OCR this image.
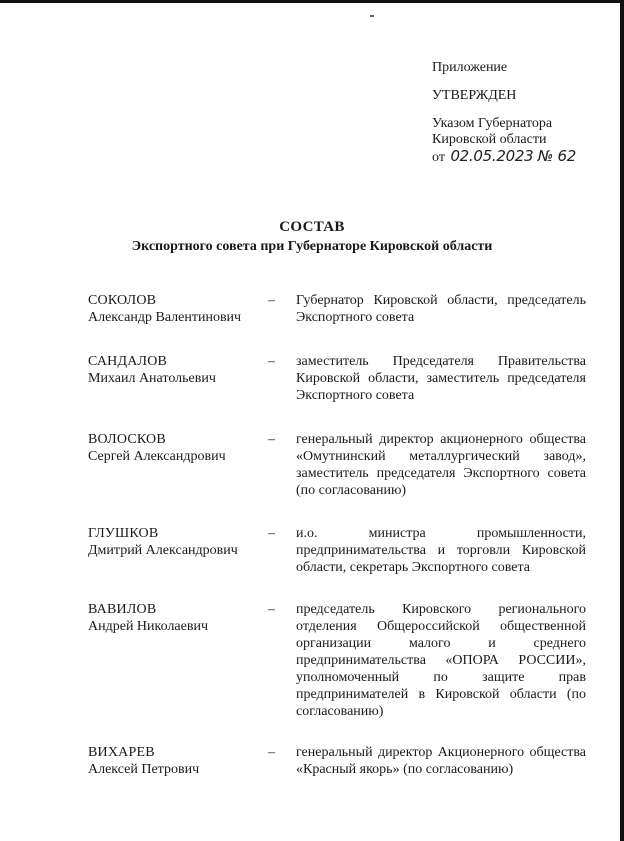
Приложение
УТВЕРЖДЕН
Указом Губернатора
Кировской области
от 02.05.2023 № 62
СОСТАВ
Экспортного совета при Губернаторе Кировской области
СОКОЛОВ
Александр Валентинович
– Губернатор Кировской области, председатель Экспортного совета
САНДАЛОВ
Михаил Анатольевич
– заместитель Председателя Правительства Кировской области, заместитель председателя Экспортного совета
ВОЛОСКОВ
Сергей Александрович
– генеральный директор акционерного общества «Омутнинский металлургический завод», заместитель председателя Экспортного совета (по согласованию)
ГЛУШКОВ
Дмитрий Александрович
– и.о. министра промышленности, предпринимательства и торговли Кировской области, секретарь Экспортного совета
ВАВИЛОВ
Андрей Николаевич
– председатель Кировского регионального отделения Общероссийской общественной организации малого и среднего предпринимательства «ОПОРА РОССИИ», уполномоченный по защите прав предпринимателей в Кировской области (по согласованию)
ВИХАРЕВ
Алексей Петрович
– генеральный директор Акционерного общества «Красный якорь» (по согласованию)
